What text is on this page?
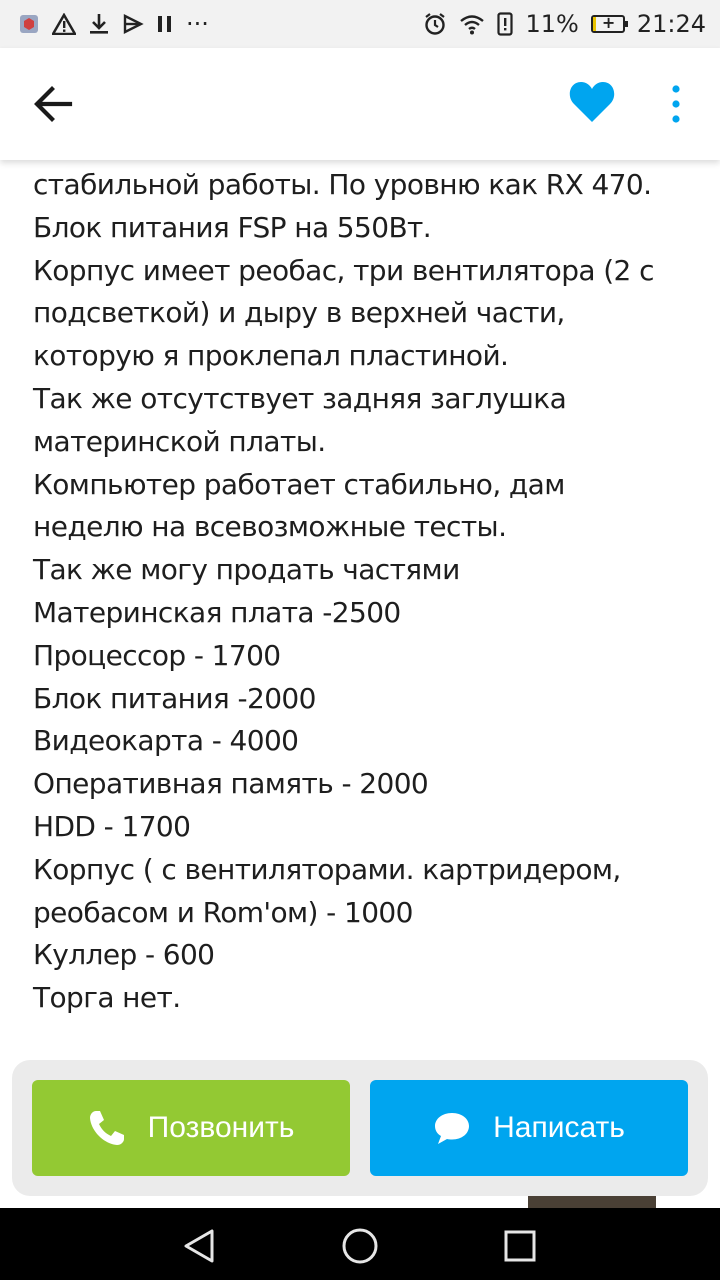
···	11% + 21:24
стабильной работы. По уровню как RX 470.
Блок питания FSP на 550Вт.
Корпус имеет реобас, три вентилятора (2 с
подсветкой) и дыру в верхней части,
которую я проклепал пластиной.
Так же отсутствует задняя заглушка
материнской платы.
Компьютер работает стабильно, дам
неделю на всевозможные тесты.
Так же могу продать частями
Материнская плата -2500
Процессор - 1700
Блок питания -2000
Видеокарта - 4000
Оперативная память - 2000
HDD - 1700
Корпус ( с вентиляторами. картридером,
реобасом и Rom'ом) - 1000
Куллер - 600
Торга нет.
Позвонить	Написать
